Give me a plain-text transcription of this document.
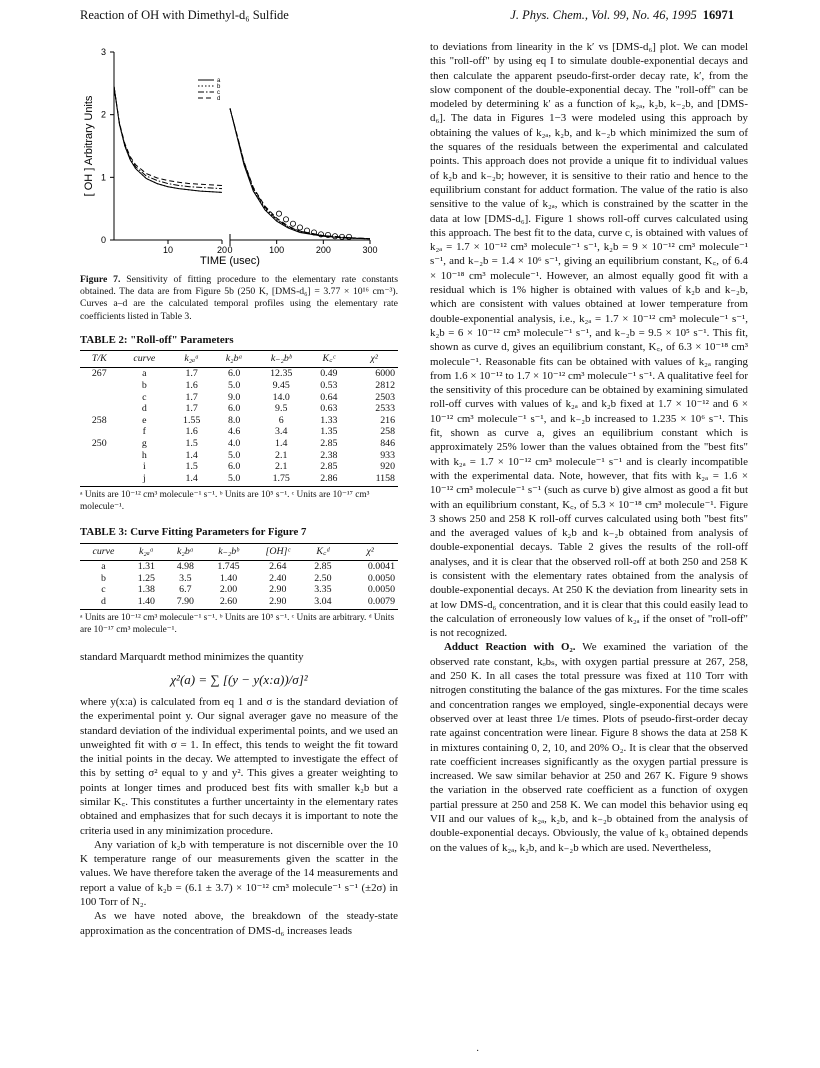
Reaction of OH with Dimethyl-d₆ Sulfide	J. Phys. Chem., Vol. 99, No. 46, 1995 16971
[ OH ] Arbitrary Units
TIME (usec)
0
1
2
3
10	20 0	100	200	300
a
b
c
d
Figure 7. Sensitivity of fitting procedure to the elementary rate constants obtained. The data are from Figure 5b (250 K, [DMS-d₆] = 3.77 × 10¹⁶ cm⁻³). Curves a–d are the calculated temporal profiles using the elementary rate coefficients listed in Table 3.
TABLE 2: "Roll-off" Parameters
T/K	curve	k₂ₐᵃ	k₂bᵃ	k₋₂bᵇ	K꜀ᶜ	χ²
267	a	1.7	6.0	12.35	0.49	6000
	b	1.6	5.0	9.45	0.53	2812
	c	1.7	9.0	14.0	0.64	2503
	d	1.7	6.0	9.5	0.63	2533
258	e	1.55	8.0	6	1.33	216
	f	1.6	4.6	3.4	1.35	258
250	g	1.5	4.0	1.4	2.85	846
	h	1.4	5.0	2.1	2.38	933
	i	1.5	6.0	2.1	2.85	920
	j	1.4	5.0	1.75	2.86	1158
ᵃ Units are 10⁻¹² cm³ molecule⁻¹ s⁻¹. ᵇ Units are 10⁵ s⁻¹. ᶜ Units are 10⁻¹⁷ cm³ molecule⁻¹.
TABLE 3: Curve Fitting Parameters for Figure 7
curve	k₂ₐᵃ	k₂bᵃ	k₋₂bᵇ	[OH]ᶜ	K꜀ᵈ	χ²
a	1.31	4.98	1.745	2.64	2.85	0.0041
b	1.25	3.5	1.40	2.40	2.50	0.0050
c	1.38	6.7	2.00	2.90	3.35	0.0050
d	1.40	7.90	2.60	2.90	3.04	0.0079
ᵃ Units are 10⁻¹² cm³ molecule⁻¹ s⁻¹. ᵇ Units are 10⁵ s⁻¹. ᶜ Units are arbitrary. ᵈ Units are 10⁻¹⁷ cm³ molecule⁻¹.

standard Marquardt method minimizes the quantity

χ²(a) = ∑ [(y − y(x:a))/σ]²

where y(x:a) is calculated from eq 1 and σ is the standard deviation of the experimental point y. Our signal averager gave no measure of the standard deviation of the individual experimental points, and we used an unweighted fit with σ = 1. In effect, this tends to weight the fit toward the initial points in the decay. We attempted to investigate the effect of this by setting σ² equal to y and y². This gives a greater weighting to points at longer times and produced best fits with smaller k₂b but a similar K꜀. This constitutes a further uncertainty in the elementary rates obtained and emphasizes that for such decays it is important to note the criteria used in any minimization procedure.

Any variation of k₂b with temperature is not discernible over the 10 K temperature range of our measurements given the scatter in the values. We have therefore taken the average of the 14 measurements and report a value of k₂b = (6.1 ± 3.7) × 10⁻¹² cm³ molecule⁻¹ s⁻¹ (±2σ) in 100 Torr of N₂.

As we have noted above, the breakdown of the steady-state approximation as the concentration of DMS-d₆ increases leads

to deviations from linearity in the k′ vs [DMS-d₆] plot. We can model this "roll-off" by using eq I to simulate double-exponential decays and then calculate the apparent pseudo-first-order decay rate, k′, from the slow component of the double-exponential decay. The "roll-off" can be modeled by determining k′ as a function of k₂ₐ, k₂b, k₋₂b, and [DMS-d₆]. The data in Figures 1−3 were modeled using this approach by obtaining the values of k₂ₐ, k₂b, and k₋₂b which minimized the sum of the squares of the residuals between the experimental and calculated points. This approach does not provide a unique fit to individual values of k₂b and k₋₂b; however, it is sensitive to their ratio and hence to the equilibrium constant for adduct formation. The value of the ratio is also sensitive to the value of k₂ₐ, which is constrained by the scatter in the data at low [DMS-d₆]. Figure 1 shows roll-off curves calculated using this approach. The best fit to the data, curve c, is obtained with values of k₂ₐ = 1.7 × 10⁻¹² cm³ molecule⁻¹ s⁻¹, k₂b = 9 × 10⁻¹² cm³ molecule⁻¹ s⁻¹, and k₋₂b = 1.4 × 10⁶ s⁻¹, giving an equilibrium constant, K꜀, of 6.4 × 10⁻¹⁸ cm³ molecule⁻¹. However, an almost equally good fit with a residual which is 1% higher is obtained with values of k₂b and k₋₂b, which are consistent with values obtained at lower temperature from double-exponential analysis, i.e., k₂ₐ = 1.7 × 10⁻¹² cm³ molecule⁻¹ s⁻¹, k₂b = 6 × 10⁻¹² cm³ molecule⁻¹ s⁻¹, and k₋₂b = 9.5 × 10⁵ s⁻¹. This fit, shown as curve d, gives an equilibrium constant, K꜀, of 6.3 × 10⁻¹⁸ cm³ molecule⁻¹. Reasonable fits can be obtained with values of k₂ₐ ranging from 1.6 × 10⁻¹² to 1.7 × 10⁻¹² cm³ molecule⁻¹ s⁻¹. A qualitative feel for the sensitivity of this procedure can be obtained by examining simulated roll-off curves with values of k₂ₐ and k₂b fixed at 1.7 × 10⁻¹² and 6 × 10⁻¹² cm³ molecule⁻¹ s⁻¹, and k₋₂b increased to 1.235 × 10⁶ s⁻¹. This fit, shown as curve a, gives an equilibrium constant which is approximately 25% lower than the values obtained from the "best fits" with k₂ₐ = 1.7 × 10⁻¹² cm³ molecule⁻¹ s⁻¹ and is clearly incompatible with the experimental data. Note, however, that fits with k₂ₐ = 1.6 × 10⁻¹² cm³ molecule⁻¹ s⁻¹ (such as curve b) give almost as good a fit but with an equilibrium constant, K꜀, of 5.3 × 10⁻¹⁸ cm³ molecule⁻¹. Figure 3 shows 250 and 258 K roll-off curves calculated using both "best fits" and the averaged values of k₂b and k₋₂b obtained from analysis of double-exponential decays. Table 2 gives the results of the roll-off analyses, and it is clear that the observed roll-off at both 250 and 258 K is consistent with the elementary rates obtained from the analysis of double-exponential decays. At 250 K the deviation from linearity sets in at low DMS-d₆ concentration, and it is clear that this could easily lead to the calculation of erroneously low values of k₂ₐ if the onset of "roll-off" is not recognized.

Adduct Reaction with O₂. We examined the variation of the observed rate constant, kₒbₛ, with oxygen partial pressure at 267, 258, and 250 K. In all cases the total pressure was fixed at 110 Torr with nitrogen constituting the balance of the gas mixtures. For the time scales and concentration ranges we employed, single-exponential decays were observed over at least three 1/e times. Plots of pseudo-first-order decay rate against concentration were linear. Figure 8 shows the data at 258 K in mixtures containing 0, 2, 10, and 20% O₂. It is clear that the observed rate coefficient increases significantly as the oxygen partial pressure is increased. We saw similar behavior at 250 and 267 K. Figure 9 shows the variation in the observed rate coefficient as a function of oxygen partial pressure at 250 and 258 K. We can model this behavior using eq VII and our values of k₂ₐ, k₂b, and k₋₂b obtained from the analysis of double-exponential decays. Obviously, the value of k₃ obtained depends on the values of k₂ₐ, k₂b, and k₋₂b which are used. Nevertheless,

·
